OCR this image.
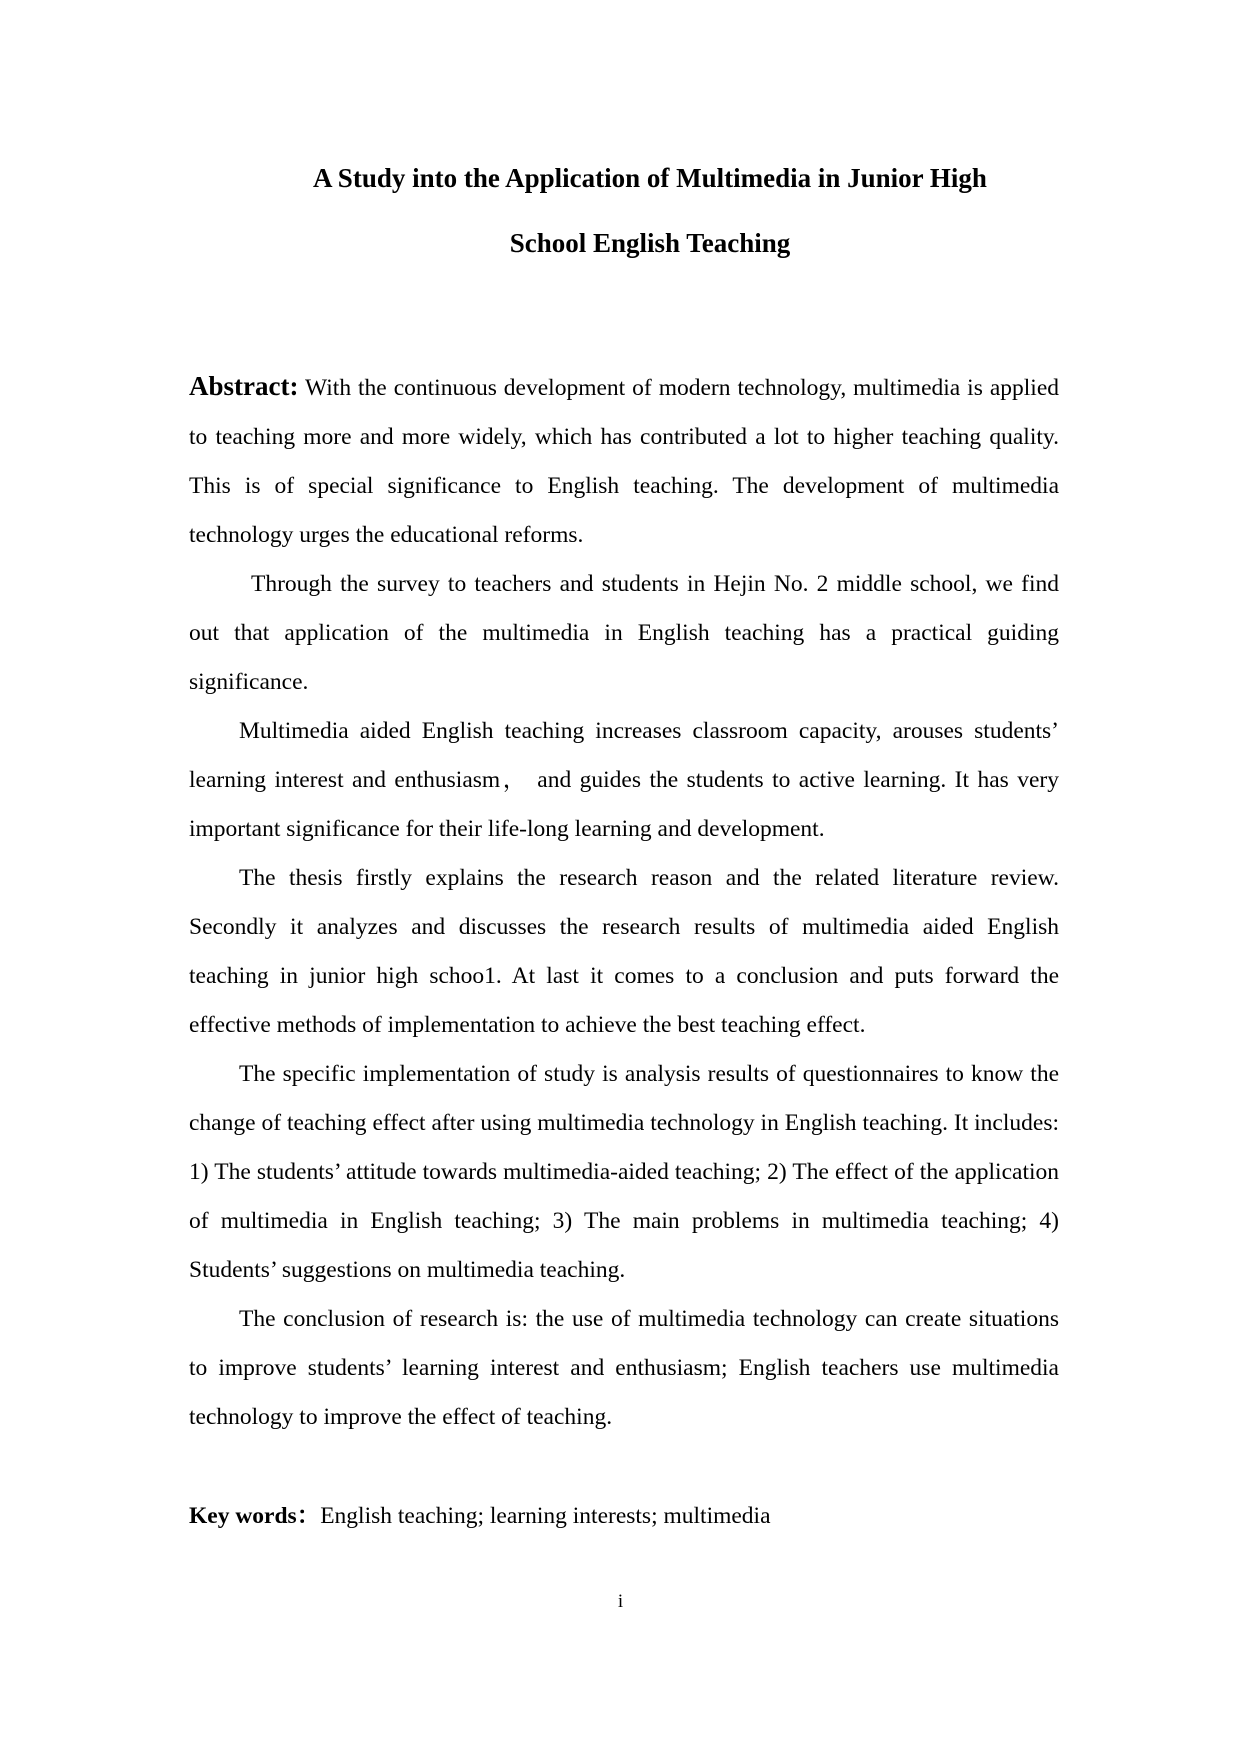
A Study into the Application of Multimedia in Junior High
School English Teaching

Abstract: With the continuous development of modern technology, multimedia is applied to teaching more and more widely, which has contributed a lot to higher teaching quality. This is of special significance to English teaching. The development of multimedia technology urges the educational reforms.

Through the survey to teachers and students in Hejin No. 2 middle school, we find out that application of the multimedia in English teaching has a practical guiding significance.

Multimedia aided English teaching increases classroom capacity, arouses students’ learning interest and enthusiasm， and guides the students to active learning. It has very important significance for their life-long learning and development.

The thesis firstly explains the research reason and the related literature review. Secondly it analyzes and discusses the research results of multimedia aided English teaching in junior high schoo1. At last it comes to a conclusion and puts forward the effective methods of implementation to achieve the best teaching effect.

The specific implementation of study is analysis results of questionnaires to know the change of teaching effect after using multimedia technology in English teaching. It includes: 1) The students’ attitude towards multimedia-aided teaching; 2) The effect of the application of multimedia in English teaching; 3) The main problems in multimedia teaching; 4) Students’ suggestions on multimedia teaching.

The conclusion of research is: the use of multimedia technology can create situations to improve students’ learning interest and enthusiasm; English teachers use multimedia technology to improve the effect of teaching.

Key words：English teaching; learning interests; multimedia
i
